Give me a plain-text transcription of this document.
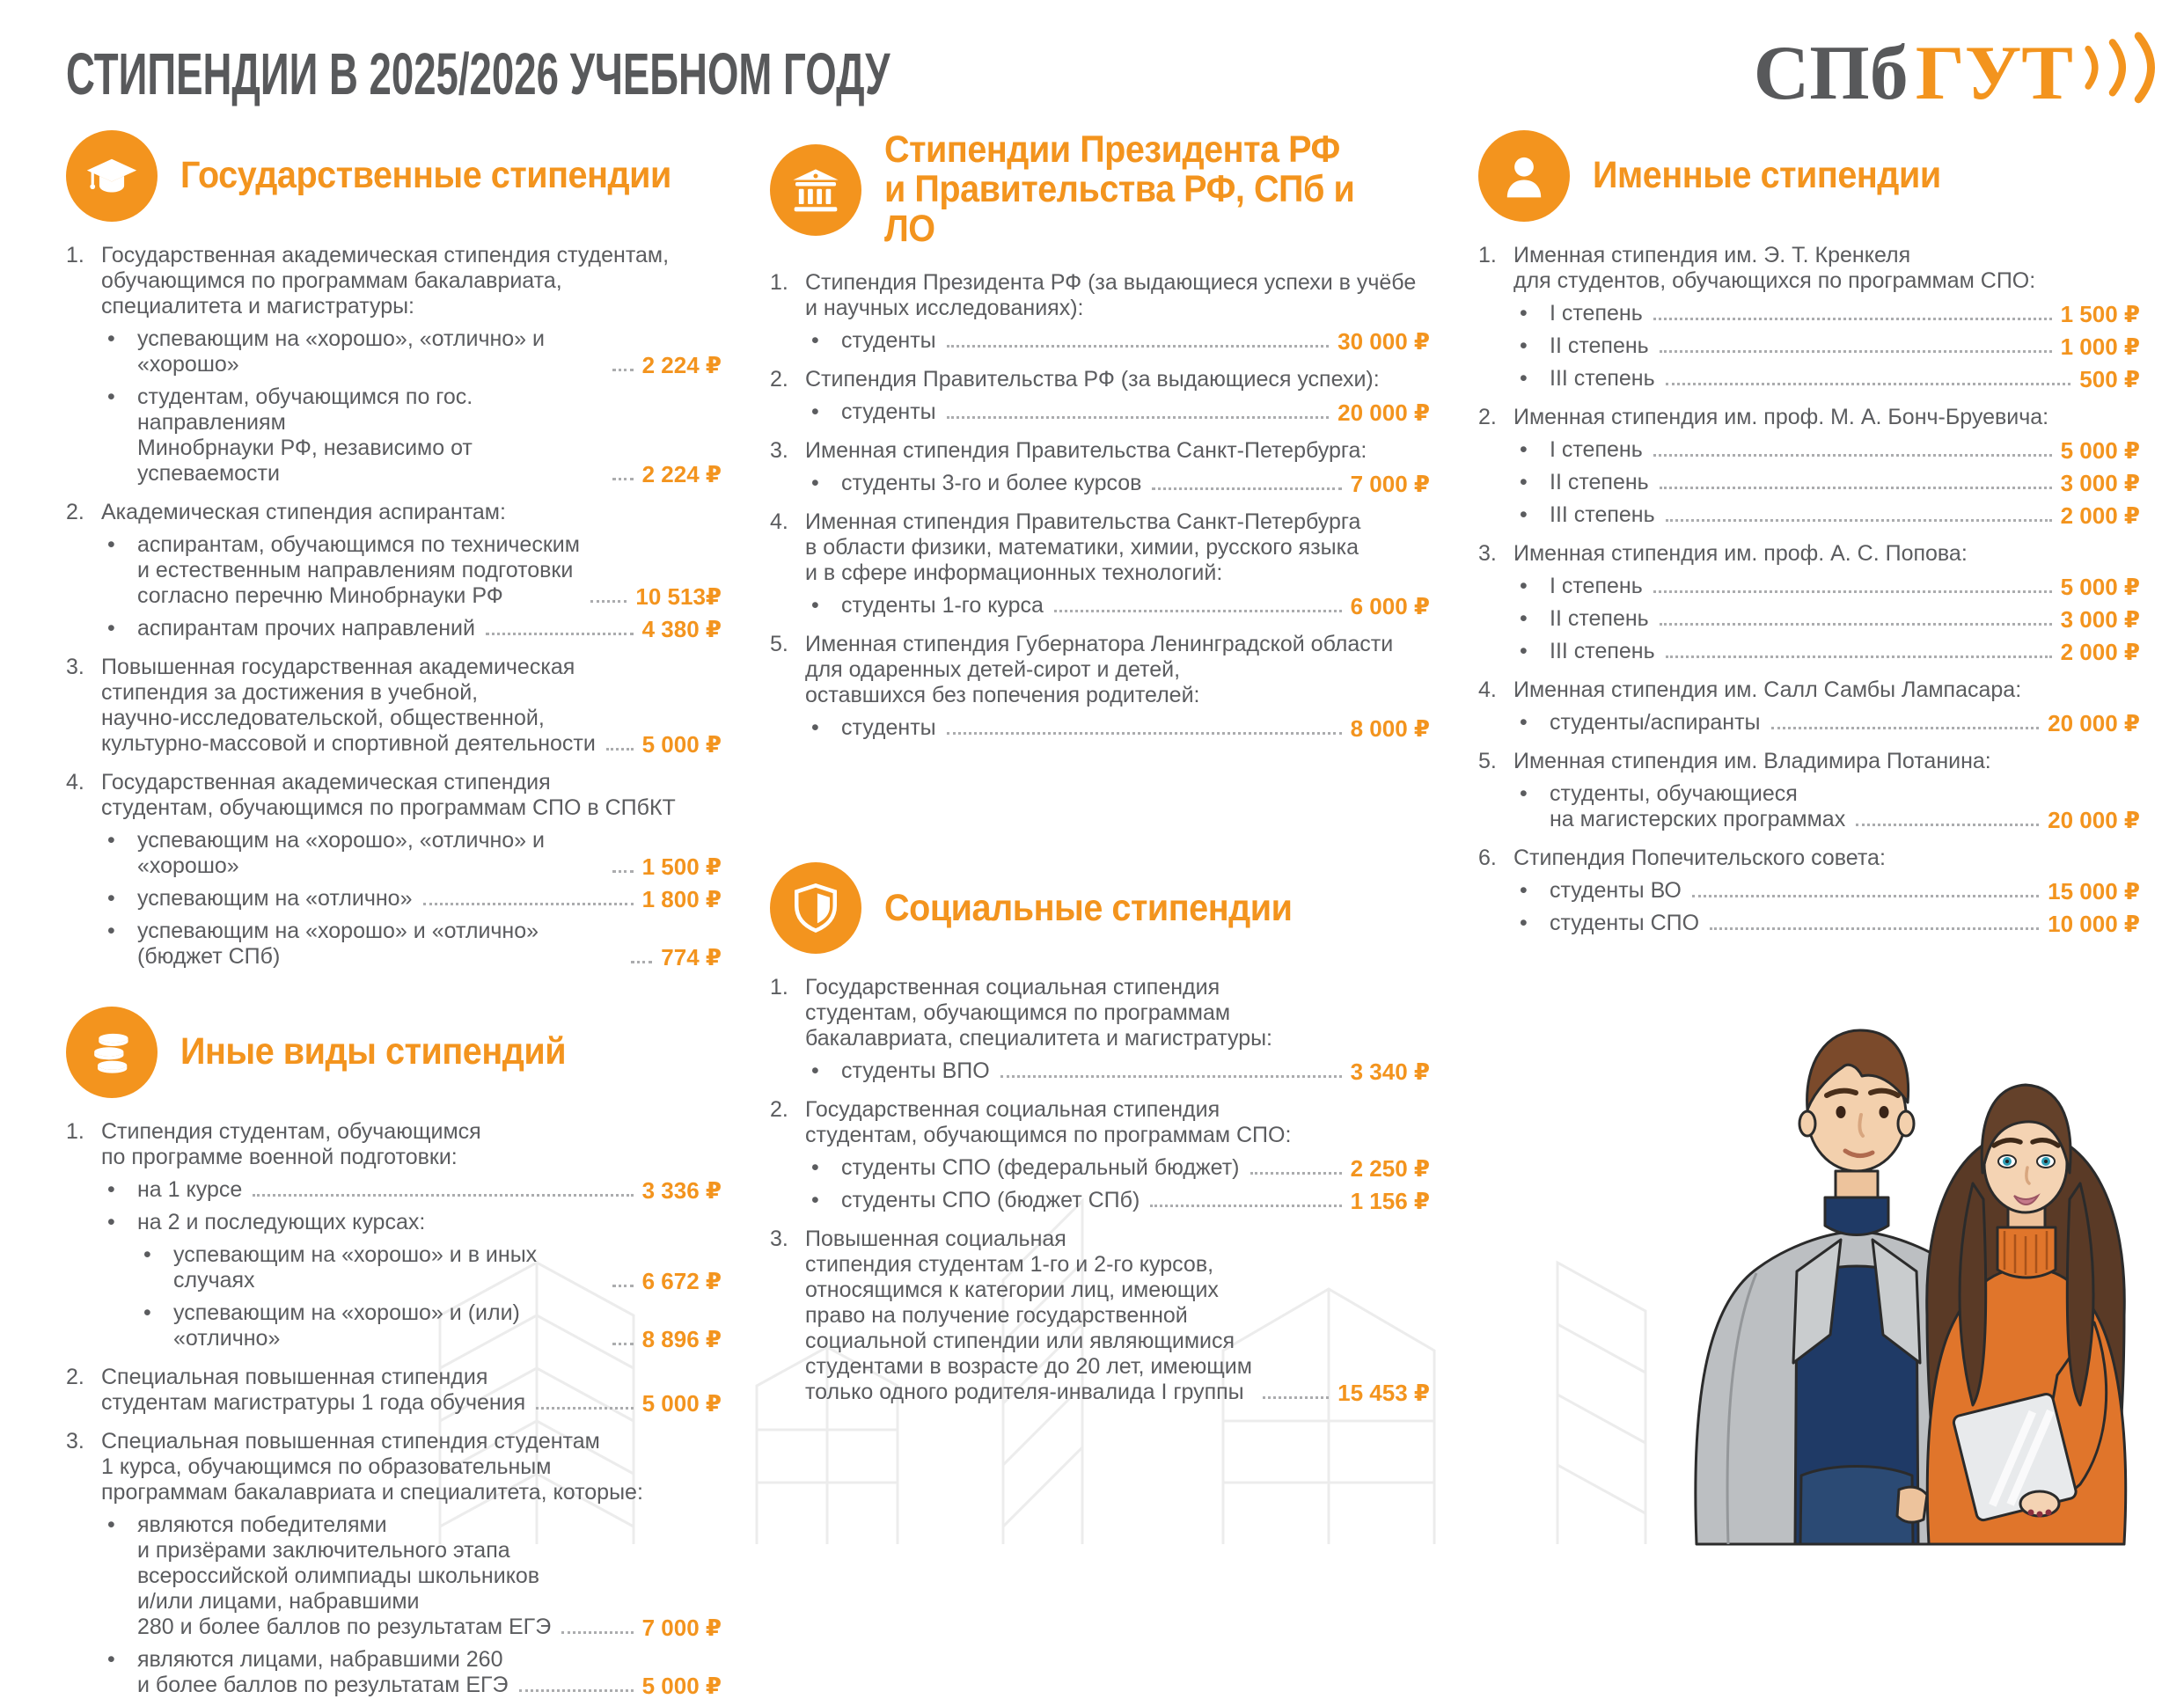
СТИПЕНДИИ В 2025/2026 УЧЕБНОМ ГОДУ	СПб ГУТ
Государственные стипендии
1. Государственная академическая стипендия студентам,
обучающимся по программам бакалавриата,
специалитета и магистратуры:
•
успевающим на «хорошо», «отлично» и «хорошо»	2 224 ₽
•
студентам, обучающимся по гос. направлениям
Минобрнауки РФ, независимо от успеваемости	2 224 ₽
2. Академическая стипендия аспирантам:
•
аспирантам, обучающимся по техническим
и естественным направлениям подготовки
согласно перечню Минобрнауки РФ	10 513₽
•
аспирантам прочих направлений	4 380 ₽
3. Повышенная государственная академическая
стипендия за достижения в учебной,
научно-исследовательской, общественной,
культурно-массовой и спортивной деятельности 5 000 ₽
4. Государственная академическая стипендия
студентам, обучающимся по программам СПО в СПбКТ
•
успевающим на «хорошо», «отлично» и «хорошо»	1 500 ₽
•
успевающим на «отлично»	1 800 ₽
•
успевающим на «хорошо» и «отлично» (бюджет СПб)	774 ₽
Иные виды стипендий
1. Стипендия студентам, обучающимся
по программе военной подготовки:
•
на 1 курсе	3 336 ₽
•
на 2 и последующих курсах:
•
успевающим на «хорошо» и в иных случаях	6 672 ₽
•
успевающим на «хорошо» и (или) «отлично»	8 896 ₽
2. Специальная повышенная стипендия
студентам магистратуры 1 года обучения	5 000 ₽
3. Специальная повышенная стипендия студентам
1 курса, обучающимся по образовательным
программам бакалавриата и специалитета, которые:
•
являются победителями
и призёрами заключительного этапа
всероссийской олимпиады школьников
и/или лицами, набравшими
280 и более баллов по результатам ЕГЭ	7 000 ₽
•
являются лицами, набравшими 260
и более баллов по результатам ЕГЭ	5 000 ₽
Стипендии Президента РФ
и Правительства РФ, СПб и ЛО
1. Стипендия Президента РФ (за выдающиеся успехи в учёбе
и научных исследованиях):
•
студенты	30 000 ₽
2. Стипендия Правительства РФ (за выдающиеся успехи):
•
студенты	20 000 ₽
3. Именная стипендия Правительства Санкт-Петербурга:
•
студенты 3-го и более курсов	7 000 ₽
4. Именная стипендия Правительства Санкт-Петербурга
в области физики, математики, химии, русского языка
и в сфере информационных технологий:
•
студенты 1-го курса	6 000 ₽
5. Именная стипендия Губернатора Ленинградской области
для одаренных детей-сирот и детей,
оставшихся без попечения родителей:
•
студенты	8 000 ₽
Социальные стипендии
1. Государственная социальная стипендия
студентам, обучающимся по программам
бакалавриата, специалитета и магистратуры:
•
студенты ВПО	3 340 ₽
2. Государственная социальная стипендия
студентам, обучающимся по программам СПО:
•
студенты СПО (федеральный бюджет)	2 250 ₽
•
студенты СПО (бюджет СПб)	1 156 ₽
3. Повышенная социальная
стипендия студентам 1-го и 2-го курсов,
относящимся к категории лиц, имеющих
право на получение государственной
социальной стипендии или являющимися
студентами в возрасте до 20 лет, имеющим
только одного родителя-инвалида I группы	15 453 ₽
Именные стипендии
1. Именная стипендия им. Э. Т. Кренкеля
для студентов, обучающихся по программам СПО:
•
I степень	1 500 ₽
•
II степень	1 000 ₽
•
III степень	500 ₽
2. Именная стипендия им. проф. М. А. Бонч-Бруевича:
•
I степень	5 000 ₽
•
II степень	3 000 ₽
•
III степень	2 000 ₽
3. Именная стипендия им. проф. А. С. Попова:
•
I степень	5 000 ₽
•
II степень	3 000 ₽
•
III степень	2 000 ₽
4. Именная стипендия им. Салл Самбы Лампасара:
•
студенты/аспиранты	20 000 ₽
5. Именная стипендия им. Владимира Потанина:
•
студенты, обучающиеся
на магистерских программах	20 000 ₽
6. Стипендия Попечительского совета:
•
студенты ВО	15 000 ₽
•
студенты СПО	10 000 ₽
